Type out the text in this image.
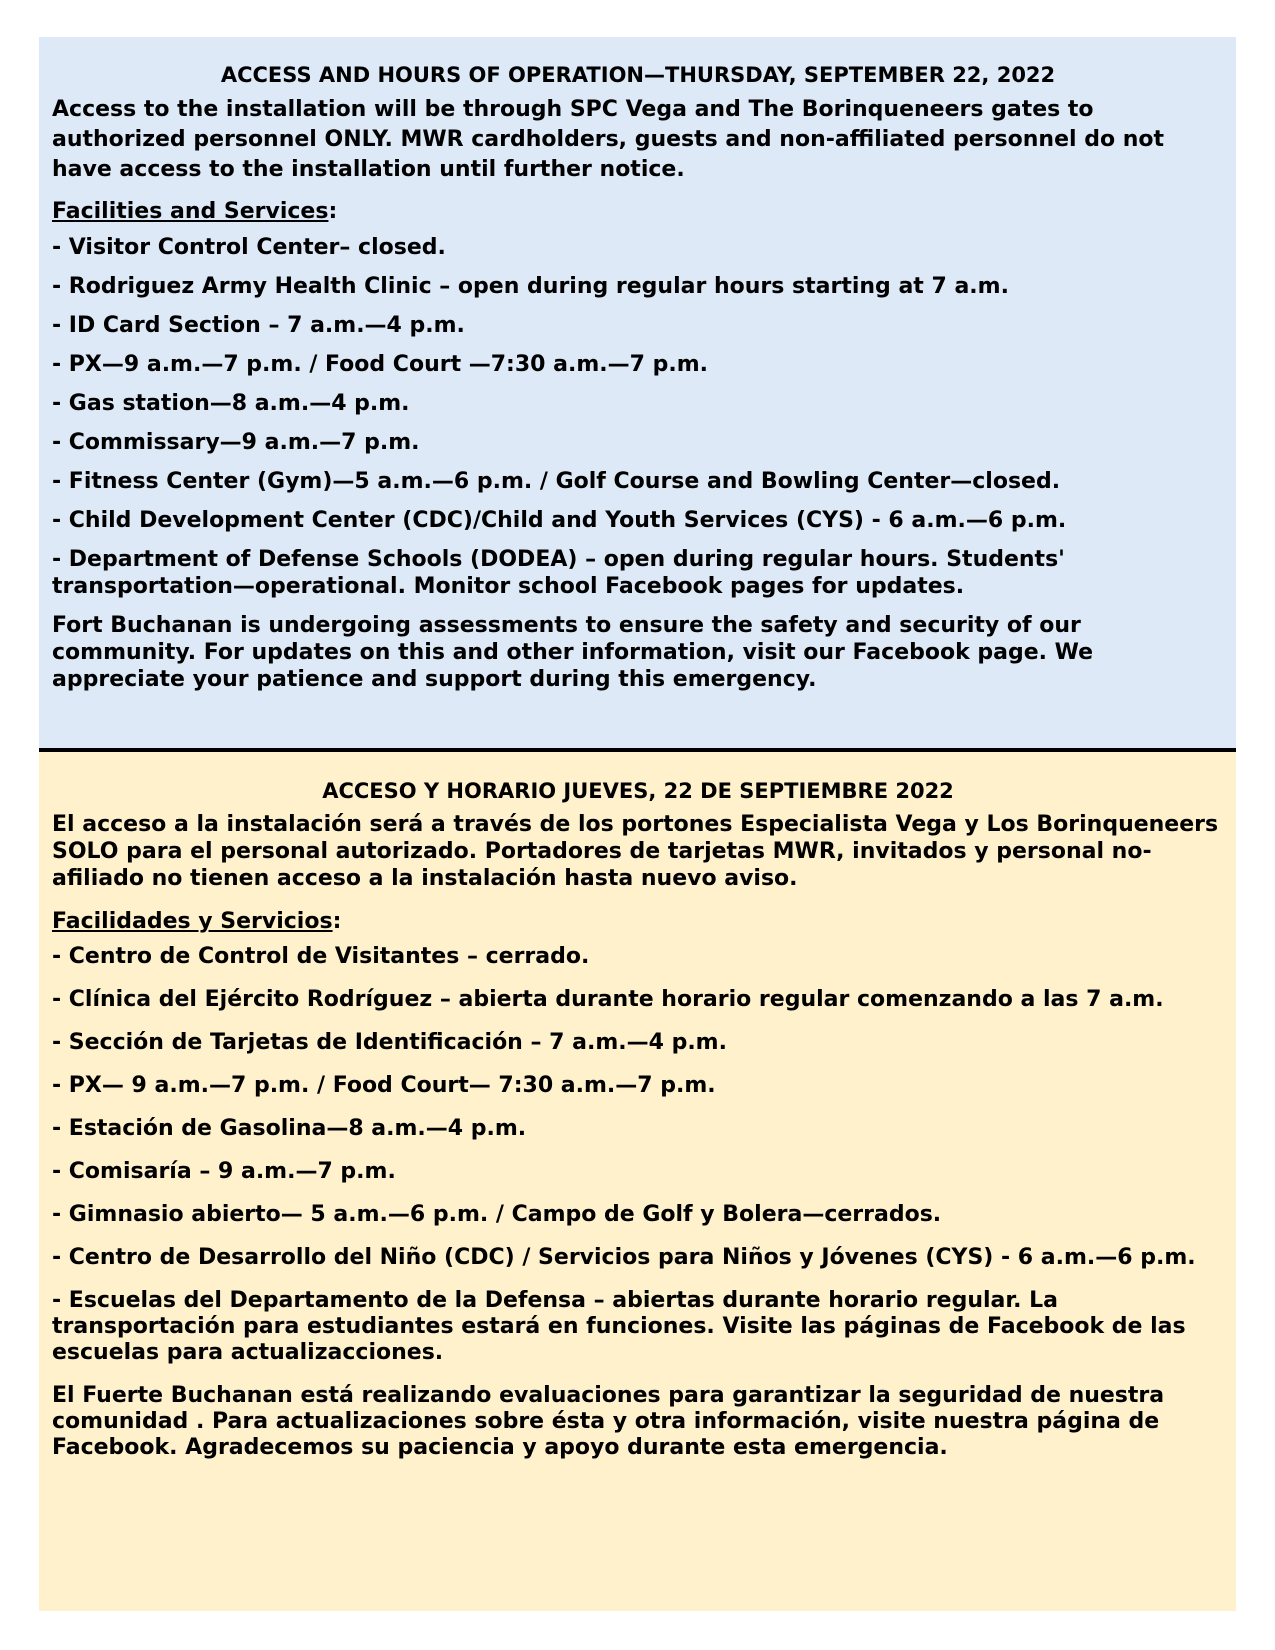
ACCESS AND HOURS OF OPERATION—THURSDAY, SEPTEMBER 22, 2022
Access to the installation will be through SPC Vega and The Borinqueneers gates to authorized personnel ONLY. MWR cardholders, guests and non-affiliated personnel do not have access to the installation until further notice.
Facilities and Services:
- Visitor Control Center– closed.
- Rodriguez Army Health Clinic – open during regular hours starting at 7 a.m.
- ID Card Section – 7 a.m.—4 p.m.
- PX—9 a.m.—7 p.m. / Food Court —7:30 a.m.—7 p.m.
- Gas station—8 a.m.—4 p.m.
- Commissary—9 a.m.—7 p.m.
- Fitness Center (Gym)—5 a.m.—6 p.m. / Golf Course and Bowling Center—closed.
- Child Development Center (CDC)/Child and Youth Services (CYS) - 6 a.m.—6 p.m.
- Department of Defense Schools (DODEA) – open during regular hours. Students' transportation—operational. Monitor school Facebook pages for updates.
Fort Buchanan is undergoing assessments to ensure the safety and security of our community. For updates on this and other information, visit our Facebook page. We appreciate your patience and support during this emergency.
ACCESO Y HORARIO JUEVES, 22 DE SEPTIEMBRE 2022
El acceso a la instalación será a través de los portones Especialista Vega y Los Borinqueneers SOLO para el personal autorizado. Portadores de tarjetas MWR, invitados y personal no-afiliado no tienen acceso a la instalación hasta nuevo aviso.
Facilidades y Servicios:
- Centro de Control de Visitantes – cerrado.
- Clínica del Ejército Rodríguez – abierta durante horario regular comenzando a las 7 a.m.
- Sección de Tarjetas de Identificación – 7 a.m.—4 p.m.
- PX— 9 a.m.—7 p.m. / Food Court— 7:30 a.m.—7 p.m.
- Estación de Gasolina—8 a.m.—4 p.m.
- Comisaría – 9 a.m.—7 p.m.
- Gimnasio abierto— 5 a.m.—6 p.m. / Campo de Golf y Bolera—cerrados.
- Centro de Desarrollo del Niño (CDC) / Servicios para Niños y Jóvenes (CYS) - 6 a.m.—6 p.m.
- Escuelas del Departamento de la Defensa – abiertas durante horario regular. La transportación para estudiantes estará en funciones. Visite las páginas de Facebook de las escuelas para actualizacciones.
El Fuerte Buchanan está realizando evaluaciones para garantizar la seguridad de nuestra comunidad . Para actualizaciones sobre ésta y otra información, visite nuestra página de Facebook. Agradecemos su paciencia y apoyo durante esta emergencia.
